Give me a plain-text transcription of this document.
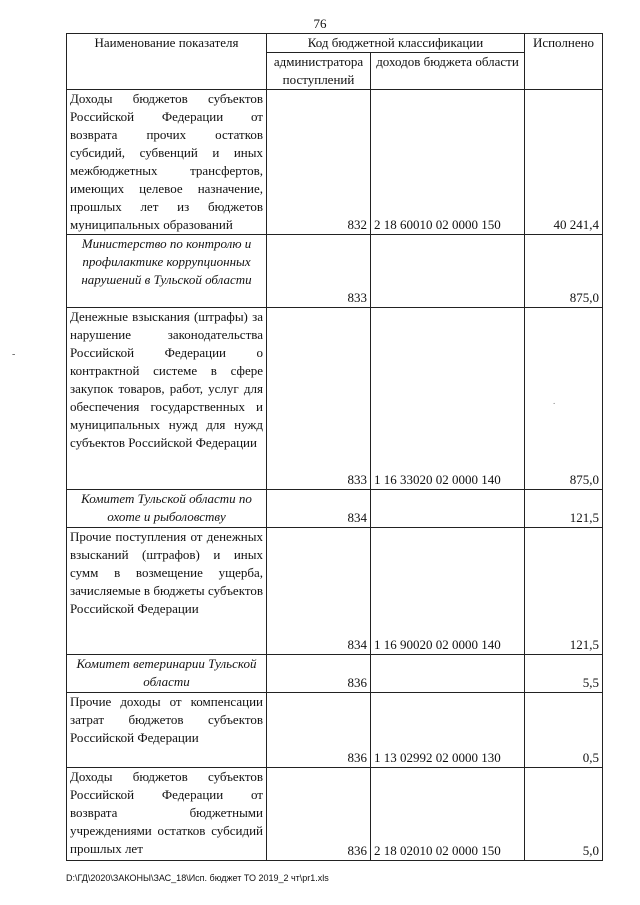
76
-
.
Наименование показателя	Код бюджетной классификации		Исполнено
	администратора поступлений	доходов бюджета области	
Доходы бюджетов субъектов Российской Федерации от возврата прочих остатков субсидий, субвенций и иных межбюджетных трансфертов, имеющих целевое назначение, прошлых лет из бюджетов муниципальных образований	832	2 18 60010 02 0000 150	40 241,4
Министерство по контролю и профилактике коррупционных нарушений в Тульской области	833		875,0
Денежные взыскания (штрафы) за нарушение законодательства Российской Федерации о контрактной системе в сфере закупок товаров, работ, услуг для обеспечения государственных и муниципальных нужд для нужд субъектов Российской Федерации	833	1 16 33020 02 0000 140	875,0
Комитет Тульской области по охоте и рыболовству	834		121,5
Прочие поступления от денежных взысканий (штрафов) и иных сумм в возмещение ущерба, зачисляемые в бюджеты субъектов Российской Федерации	834	1 16 90020 02 0000 140	121,5
Комитет ветеринарии Тульской области	836		5,5
Прочие доходы от компенсации затрат бюджетов субъектов Российской Федерации	836	1 13 02992 02 0000 130	0,5
Доходы бюджетов субъектов Российской Федерации от возврата бюджетными учреждениями остатков субсидий прошлых лет	836	2 18 02010 02 0000 150	5,0
D:\ГД\2020\ЗАКОНЫ\ЗАС_18\Исп. бюджет ТО 2019_2 чт\pr1.xls
